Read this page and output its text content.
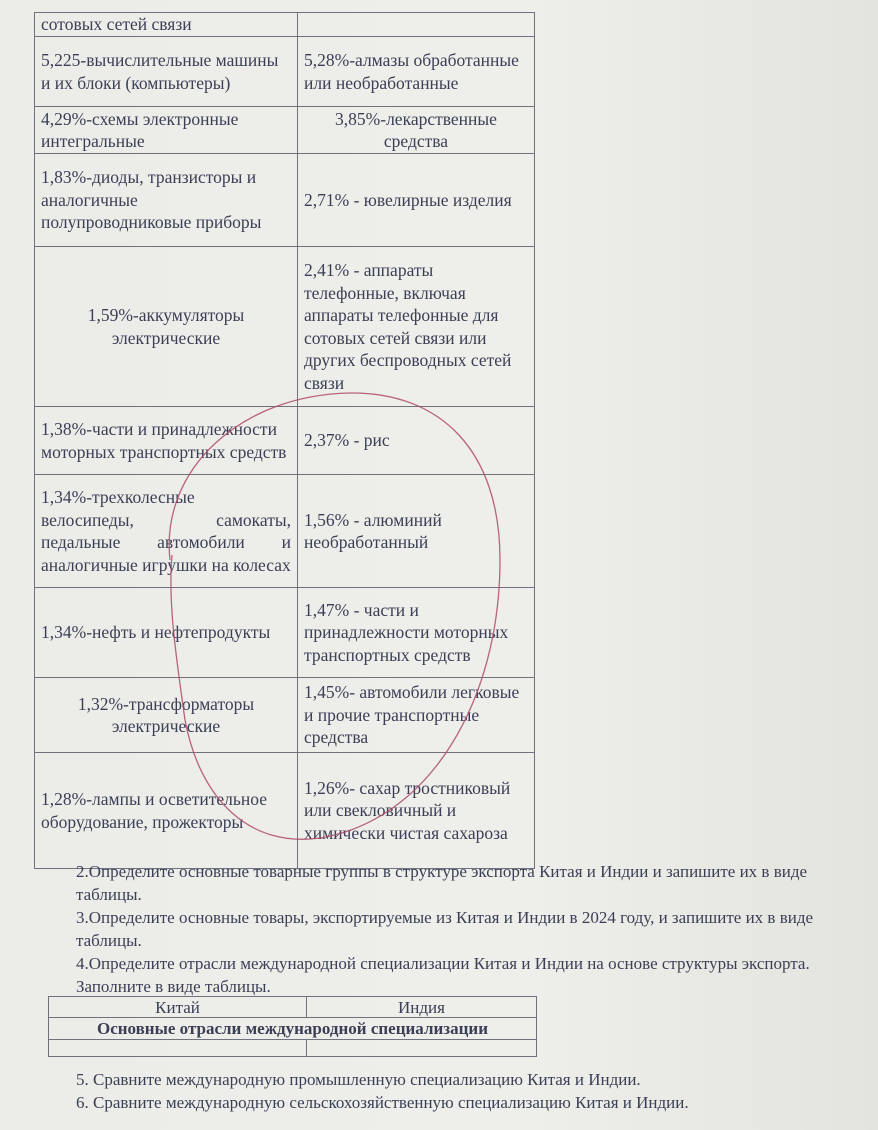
сотовых сетей связи	
5,225-вычислительные машины и их блоки (компьютеры)	5,28%-алмазы обработанные или необработанные
4,29%-схемы электронные интегральные	3,85%-лекарственные средства
1,83%-диоды, транзисторы и аналогичные полупроводниковые приборы	2,71% - ювелирные изделия
1,59%-аккумуляторы электрические	2,41% - аппараты телефонные, включая аппараты телефонные для сотовых сетей связи или других беспроводных сетей связи
1,38%-части и принадлежности моторных транспортных средств	2,37% - рис
1,34%-трехколесные велосипеды, самокаты, педальные автомобили и аналогичные игрушки на колесах	1,56% - алюминий необработанный
1,34%-нефть и нефтепродукты	1,47% - части и принадлежности моторных транспортных средств
1,32%-трансформаторы электрические	1,45%- автомобили легковые и прочие транспортные средства
1,28%-лампы и осветительное оборудование, прожекторы	1,26%- сахар тростниковый или свекловичный и химически чистая сахароза

2.Определите основные товарные группы в структуре экспорта Китая и Индии и запишите их в виде таблицы.

3.Определите основные товары, экспортируемые из Китая и Индии в 2024 году, и запишите их в виде таблицы.

4.Определите отрасли международной специализации Китая и Индии на основе структуры экспорта. Заполните в виде таблицы.

Китай	Индия
Основные отрасли международной специализации	

5. Сравните международную промышленную специализацию Китая и Индии.

6. Сравните международную сельскохозяйственную специализацию Китая и Индии.
